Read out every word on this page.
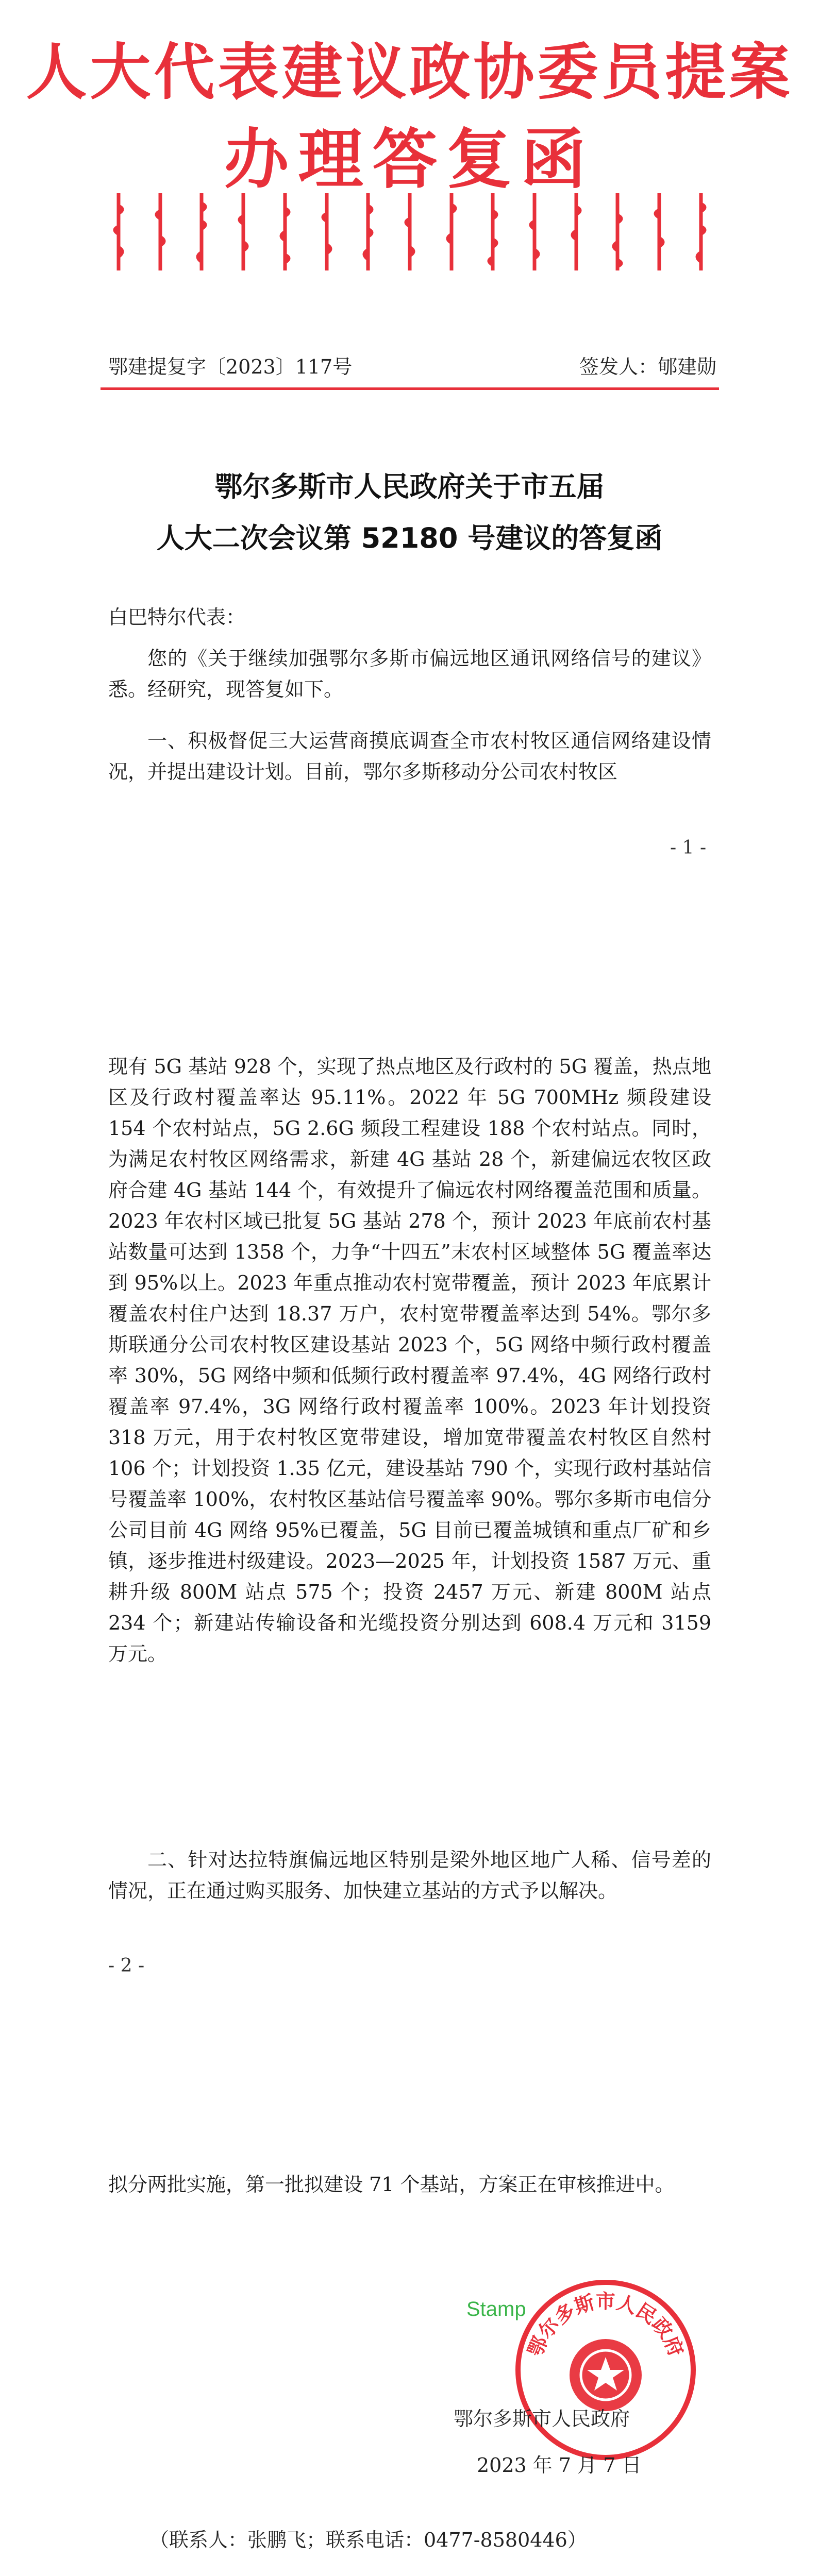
人大代表建议政协委员提案
办理答复函
鄂建提复字〔2023〕117号	签发人：郇建勋
鄂尔多斯市人民政府关于市五届
人大二次会议第 52180 号建议的答复函
白巴特尔代表：
您的《关于继续加强鄂尔多斯市偏远地区通讯网络信号的建议》悉。经研究，现答复如下。
一、积极督促三大运营商摸底调查全市农村牧区通信网络建设情况，并提出建设计划。目前，鄂尔多斯移动分公司农村牧区
- 1 -
现有 5G 基站 928 个，实现了热点地区及行政村的 5G 覆盖，热点地区及行政村覆盖率达 95.11%。2022 年 5G 700MHz 频段建设 154 个农村站点，5G 2.6G 频段工程建设 188 个农村站点。同时，为满足农村牧区网络需求，新建 4G 基站 28 个，新建偏远农牧区政府合建 4G 基站 144 个，有效提升了偏远农村网络覆盖范围和质量。2023 年农村区域已批复 5G 基站 278 个，预计 2023 年底前农村基站数量可达到 1358 个，力争“十四五”末农村区域整体 5G 覆盖率达到 95%以上。2023 年重点推动农村宽带覆盖，预计 2023 年底累计覆盖农村住户达到 18.37 万户，农村宽带覆盖率达到 54%。鄂尔多斯联通分公司农村牧区建设基站 2023 个，5G 网络中频行政村覆盖率 30%，5G 网络中频和低频行政村覆盖率 97.4%，4G 网络行政村覆盖率 97.4%，3G 网络行政村覆盖率 100%。2023 年计划投资 318 万元，用于农村牧区宽带建设，增加宽带覆盖农村牧区自然村 106 个；计划投资 1.35 亿元，建设基站 790 个，实现行政村基站信号覆盖率 100%，农村牧区基站信号覆盖率 90%。鄂尔多斯市电信分公司目前 4G 网络 95%已覆盖，5G 目前已覆盖城镇和重点厂矿和乡镇，逐步推进村级建设。2023—2025 年，计划投资 1587 万元、重耕升级 800M 站点 575 个；投资 2457 万元、新建 800M 站点 234 个；新建站传输设备和光缆投资分别达到 608.4 万元和 3159 万元。
二、针对达拉特旗偏远地区特别是梁外地区地广人稀、信号差的情况，正在通过购买服务、加快建立基站的方式予以解决。
- 2 -
拟分两批实施，第一批拟建设 71 个基站，方案正在审核推进中。
鄂尔多斯市人民政府
Stamp
鄂尔多斯市人民政府
2023 年 7 月 7 日
（联系人：张鹏飞；联系电话：0477-8580446）
